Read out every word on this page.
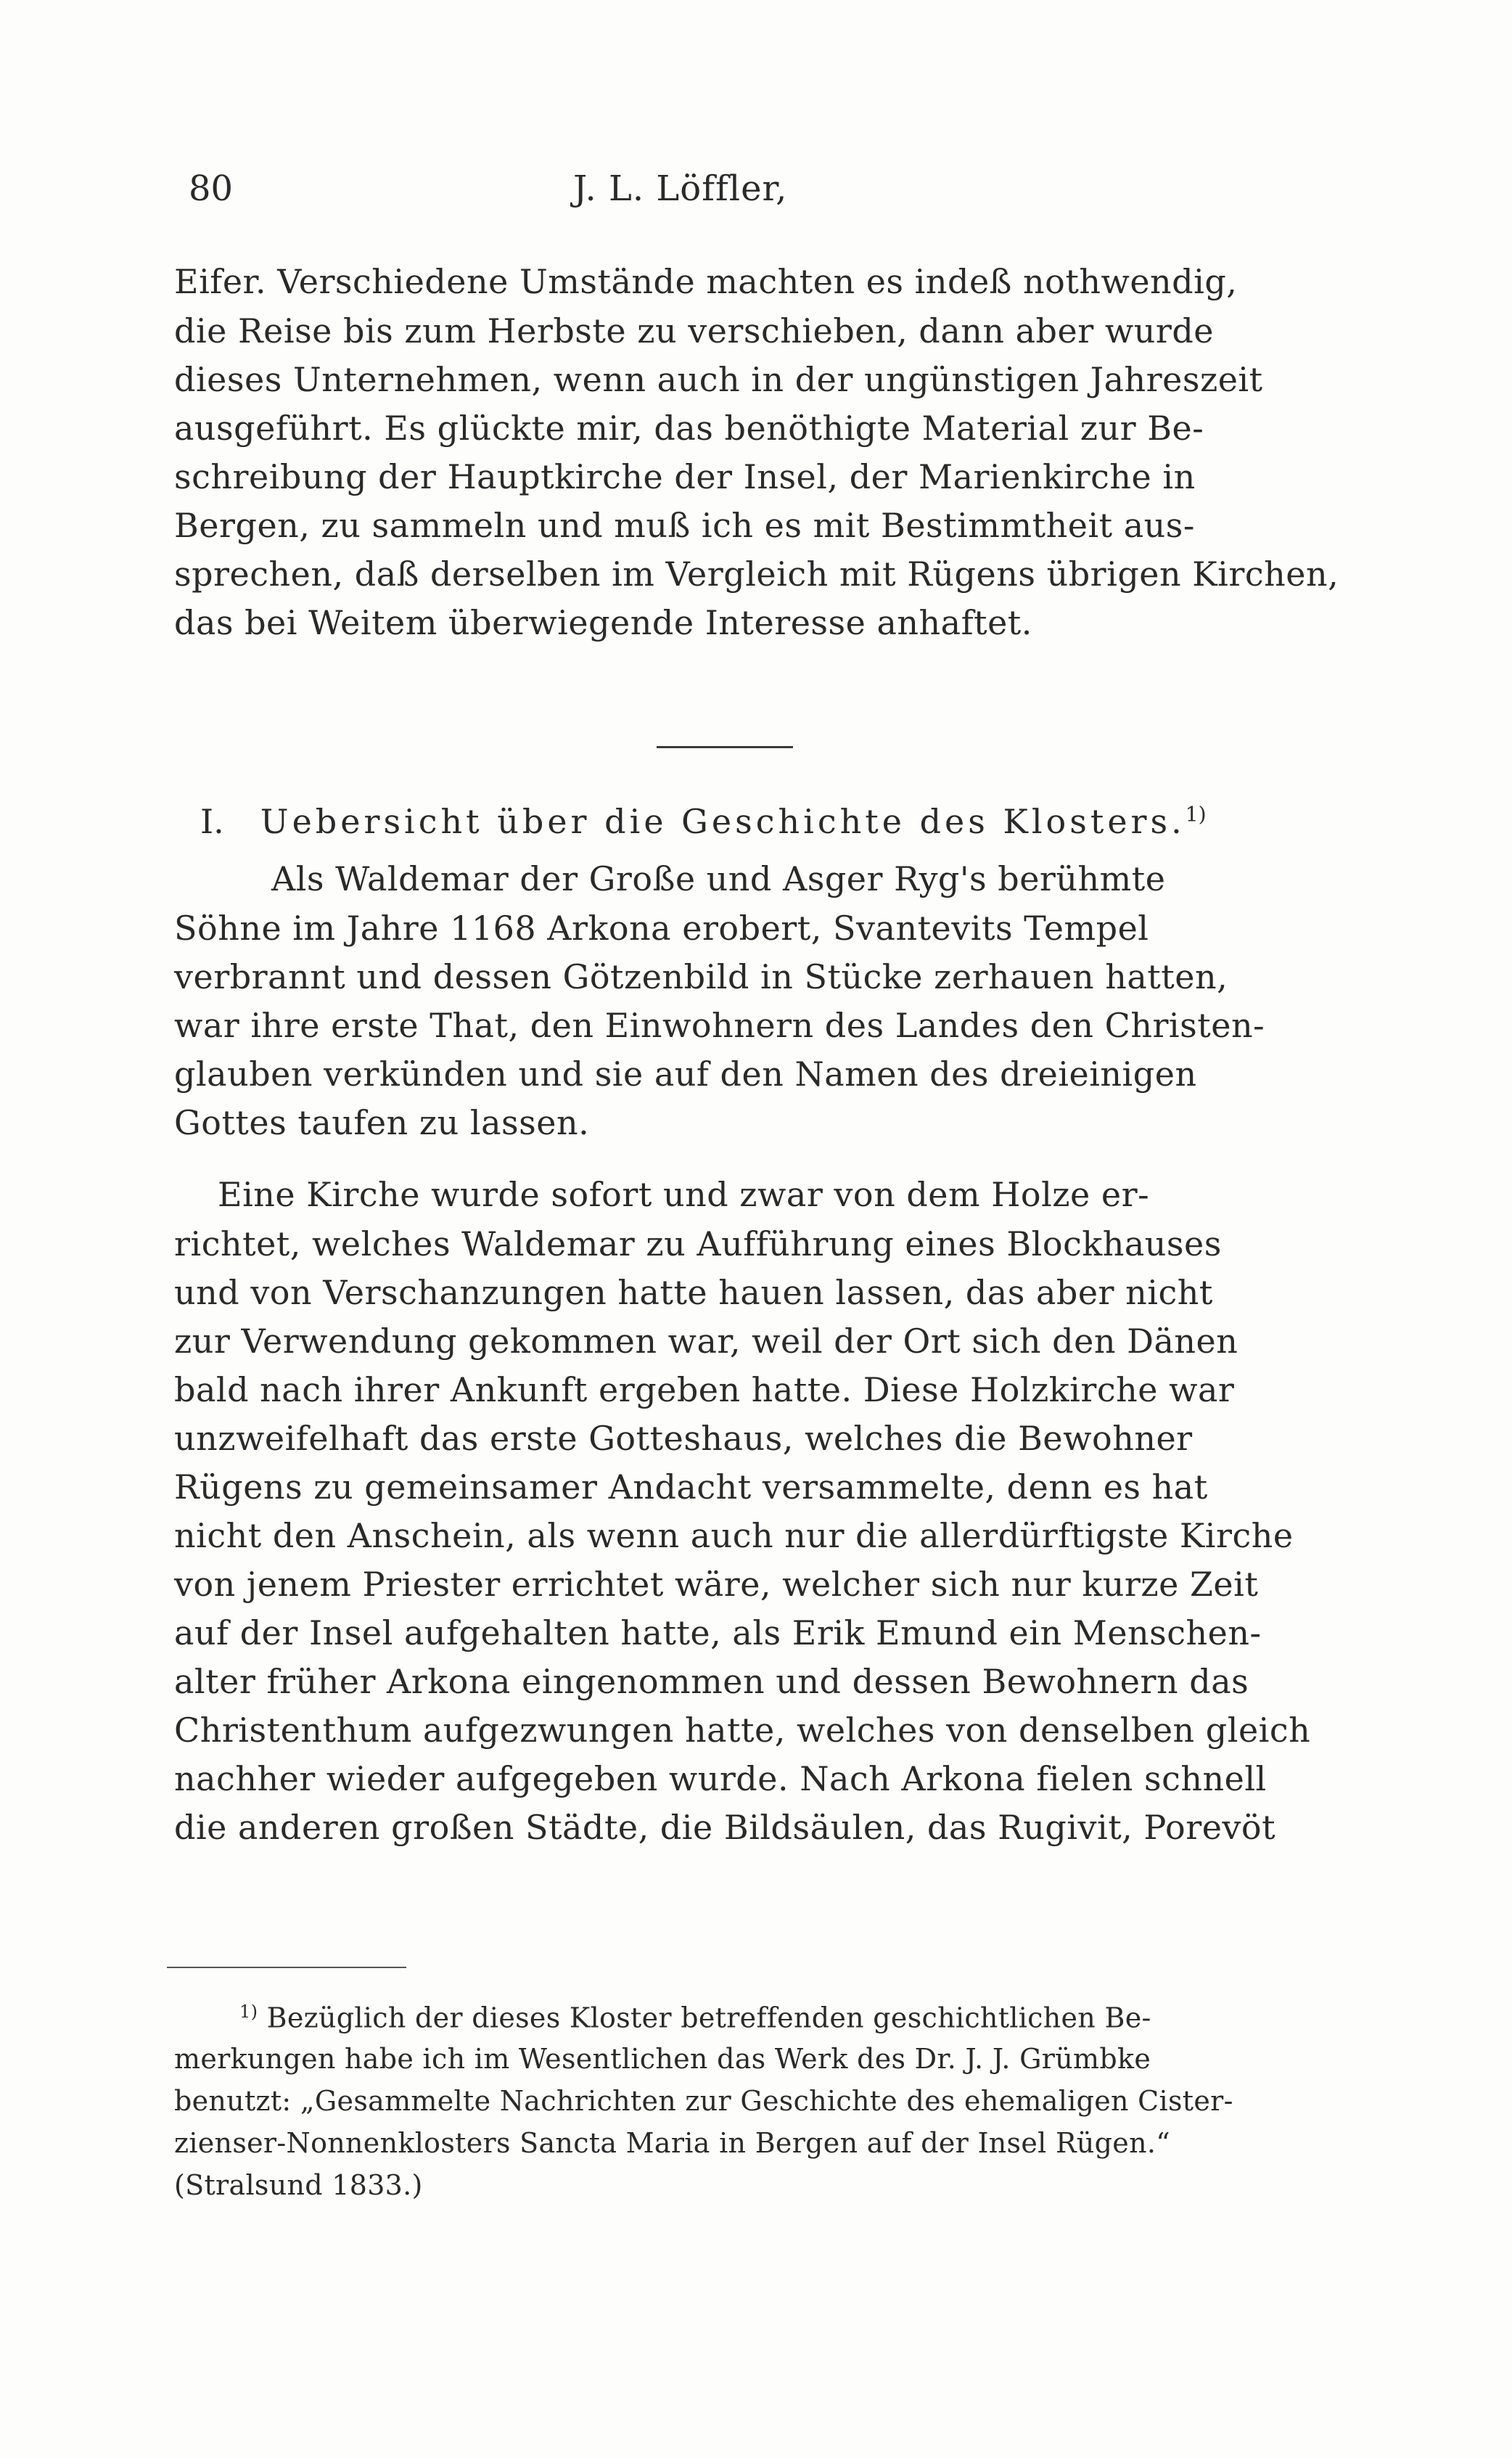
80	J. L. Löffler,
Eifer. Verschiedene Umstände machten es indeß nothwendig,
die Reise bis zum Herbste zu verschieben, dann aber wurde
dieses Unternehmen, wenn auch in der ungünstigen Jahreszeit
ausgeführt. Es glückte mir, das benöthigte Material zur Be-
schreibung der Hauptkirche der Insel, der Marienkirche in
Bergen, zu sammeln und muß ich es mit Bestimmtheit aus-
sprechen, daß derselben im Vergleich mit Rügens übrigen Kirchen,
das bei Weitem überwiegende Interesse anhaftet.
I. Uebersicht über die Geschichte des Klosters.$^{1)}$
Als Waldemar der Große und Asger Ryg's berühmte
Söhne im Jahre 1168 Arkona erobert, Svantevits Tempel
verbrannt und dessen Götzenbild in Stücke zerhauen hatten,
war ihre erste That, den Einwohnern des Landes den Christen-
glauben verkünden und sie auf den Namen des dreieinigen
Gottes taufen zu lassen.
Eine Kirche wurde sofort und zwar von dem Holze er-
richtet, welches Waldemar zu Aufführung eines Blockhauses
und von Verschanzungen hatte hauen lassen, das aber nicht
zur Verwendung gekommen war, weil der Ort sich den Dänen
bald nach ihrer Ankunft ergeben hatte. Diese Holzkirche war
unzweifelhaft das erste Gotteshaus, welches die Bewohner
Rügens zu gemeinsamer Andacht versammelte, denn es hat
nicht den Anschein, als wenn auch nur die allerdürftigste Kirche
von jenem Priester errichtet wäre, welcher sich nur kurze Zeit
auf der Insel aufgehalten hatte, als Erik Emund ein Menschen-
alter früher Arkona eingenommen und dessen Bewohnern das
Christenthum aufgezwungen hatte, welches von denselben gleich
nachher wieder aufgegeben wurde. Nach Arkona fielen schnell
die anderen großen Städte, die Bildsäulen, das Rugivit, Porevöt
$^{1)}$ Bezüglich der dieses Kloster betreffenden geschichtlichen Be-
merkungen habe ich im Wesentlichen das Werk des Dr. J. J. Grümbke
benutzt: „Gesammelte Nachrichten zur Geschichte des ehemaligen Cister-
zienser-Nonnenklosters Sancta Maria in Bergen auf der Insel Rügen.“
(Stralsund 1833.)
